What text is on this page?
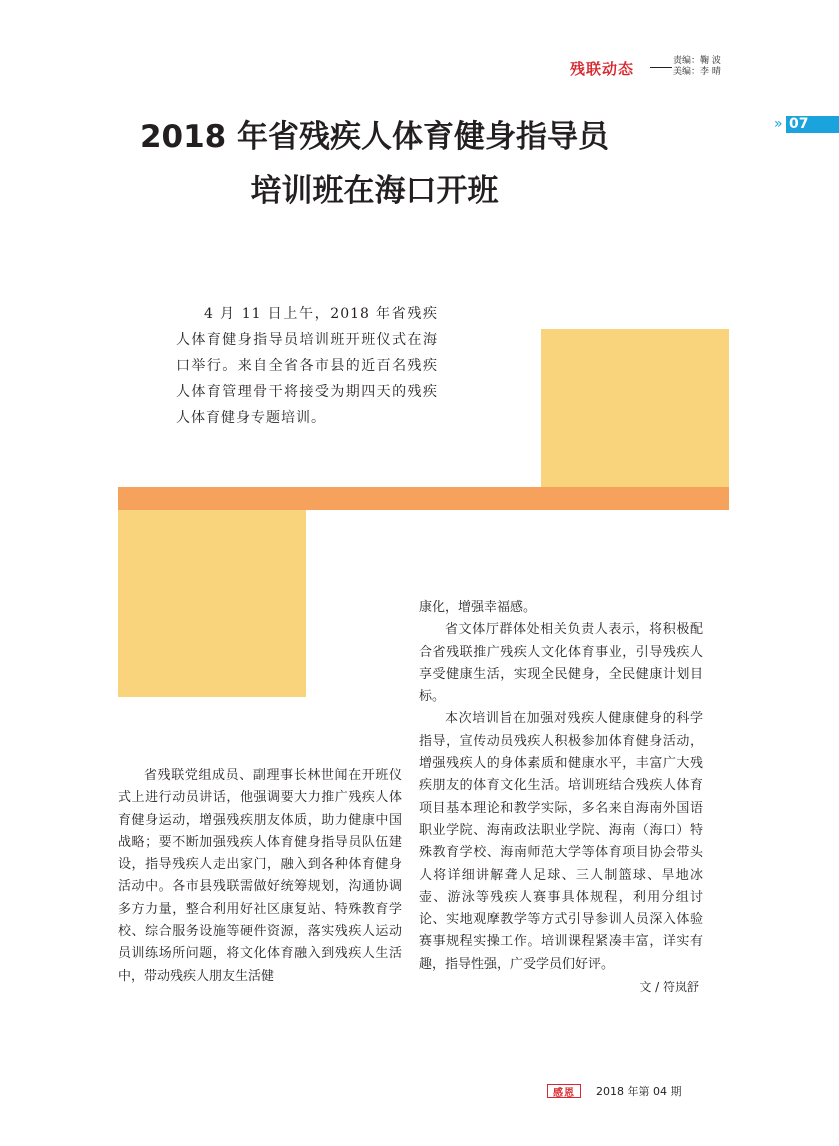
残联动态	责编：鞠 波
美编：李 晴
» 07
2018 年省残疾人体育健身指导员
培训班在海口开班

4 月 11 日上午，2018 年省残疾人体育健身指导员培训班开班仪式在海口举行。来自全省各市县的近百名残疾人体育管理骨干将接受为期四天的残疾人体育健身专题培训。

省残联党组成员、副理事长林世闻在开班仪式上进行动员讲话，他强调要大力推广残疾人体育健身运动，增强残疾朋友体质，助力健康中国战略；要不断加强残疾人体育健身指导员队伍建设，指导残疾人走出家门，融入到各种体育健身活动中。各市县残联需做好统筹规划，沟通协调多方力量，整合利用好社区康复站、特殊教育学校、综合服务设施等硬件资源，落实残疾人运动员训练场所问题，将文化体育融入到残疾人生活中，带动残疾人朋友生活健

康化，增强幸福感。

省文体厅群体处相关负责人表示，将积极配合省残联推广残疾人文化体育事业，引导残疾人享受健康生活，实现全民健身，全民健康计划目标。

本次培训旨在加强对残疾人健康健身的科学指导，宣传动员残疾人积极参加体育健身活动，增强残疾人的身体素质和健康水平，丰富广大残疾朋友的体育文化生活。培训班结合残疾人体育项目基本理论和教学实际，多名来自海南外国语职业学院、海南政法职业学院、海南（海口）特殊教育学校、海南师范大学等体育项目协会带头人将详细讲解聋人足球、三人制篮球、旱地冰壶、游泳等残疾人赛事具体规程，利用分组讨论、实地观摩教学等方式引导参训人员深入体验赛事规程实操工作。培训课程紧凑丰富，详实有趣，指导性强，广受学员们好评。
文 / 符岚舒

感恩	2018 年第 04 期
